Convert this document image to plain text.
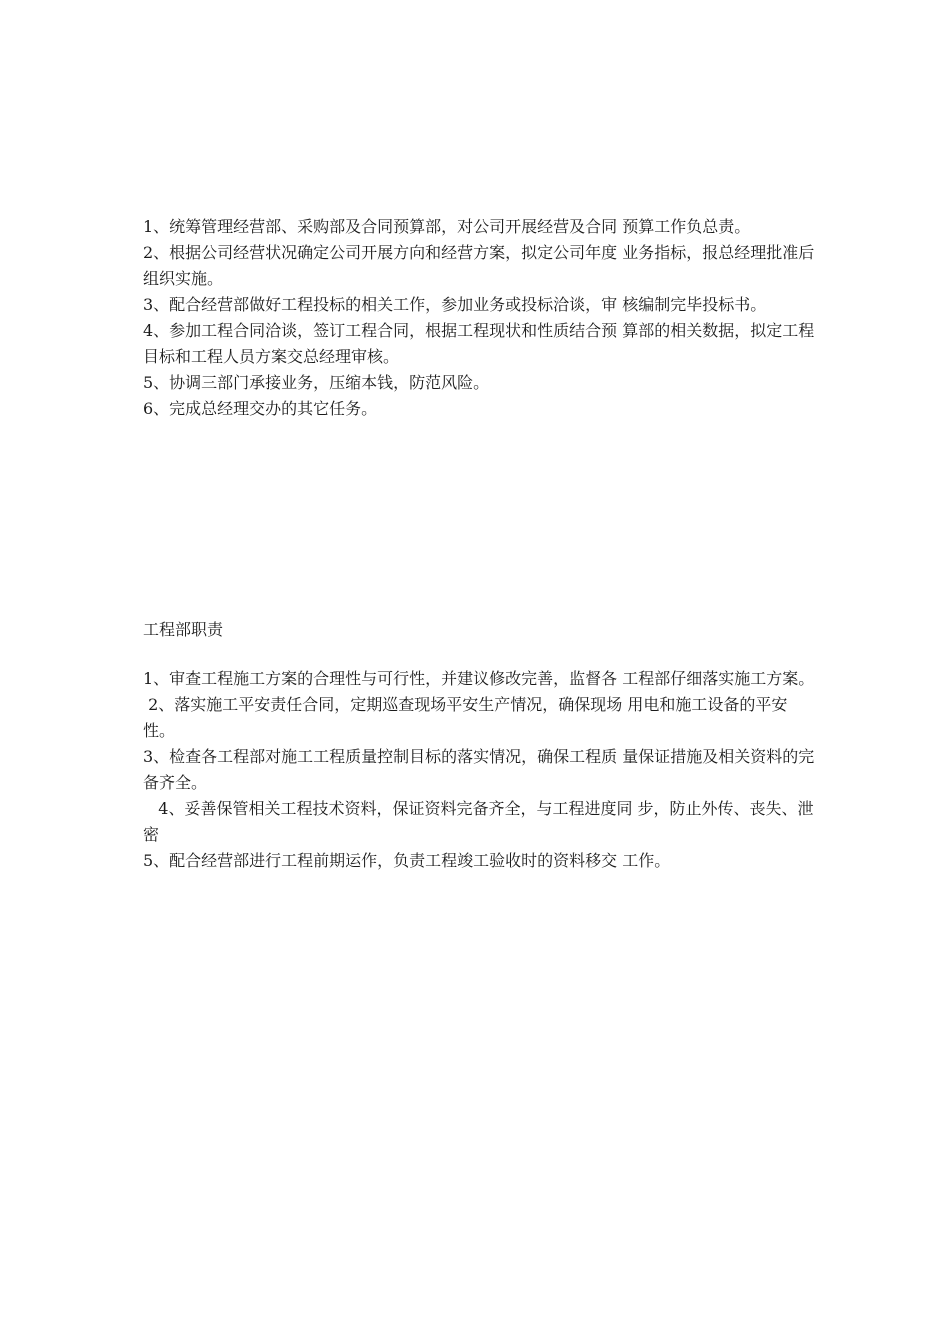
1、统筹管理经营部、采购部及合同预算部，对公司开展经营及合同 预算工作负总责。

2、根据公司经营状况确定公司开展方向和经营方案，拟定公司年度 业务指标，报总经理批准后组织实施。

3、配合经营部做好工程投标的相关工作，参加业务或投标洽谈，审 核编制完毕投标书。

4、参加工程合同洽谈，签订工程合同，根据工程现状和性质结合预 算部的相关数据，拟定工程目标和工程人员方案交总经理审核。

5、协调三部门承接业务，压缩本钱，防范风险。

6、完成总经理交办的其它任务。

工程部职责

1、审查工程施工方案的合理性与可行性，并建议修改完善，监督各 工程部仔细落实施工方案。

2、落实施工平安责任合同，定期巡查现场平安生产情况，确保现场 用电和施工设备的平安性。

3、检查各工程部对施工工程质量控制目标的落实情况，确保工程质 量保证措施及相关资料的完备齐全。

4、妥善保管相关工程技术资料，保证资料完备齐全，与工程进度同 步，防止外传、丧失、泄密

5、配合经营部进行工程前期运作，负责工程竣工验收时的资料移交 工作。
